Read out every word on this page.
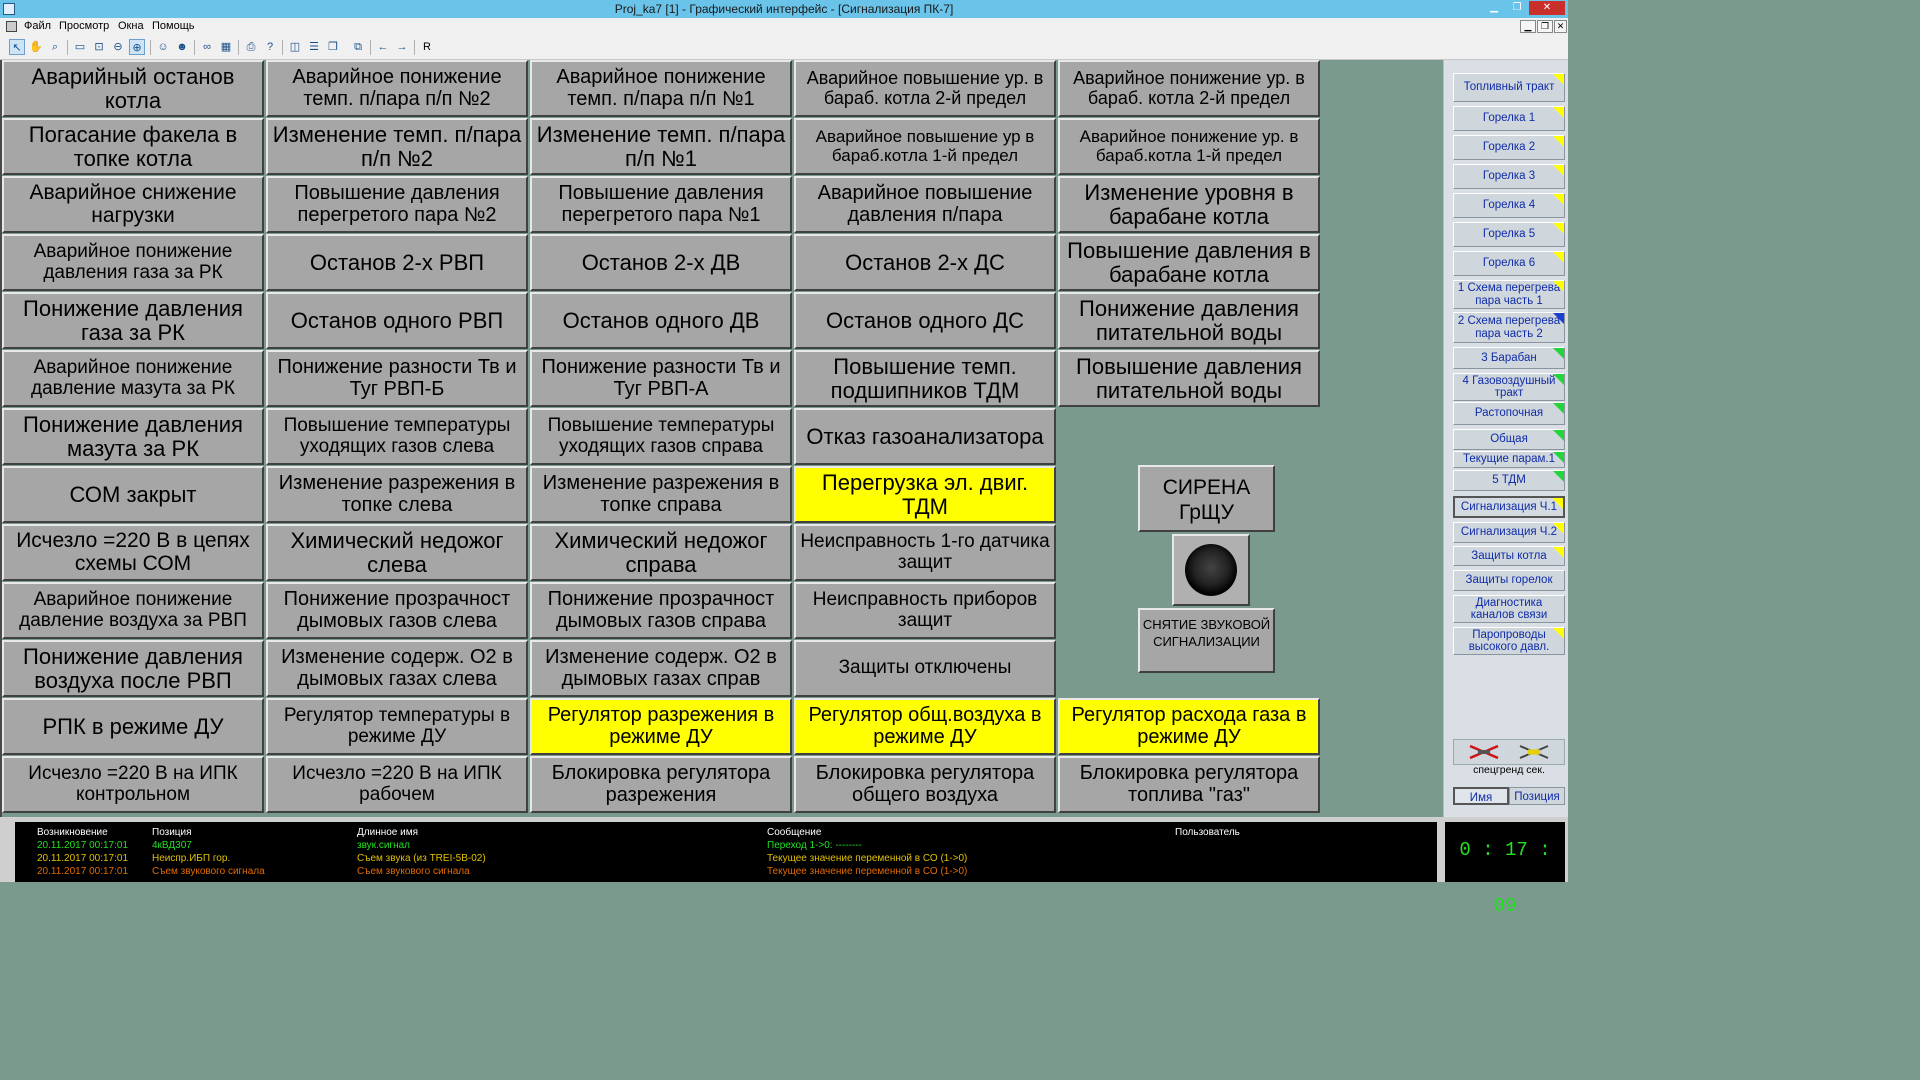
Proj_ka7 [1] - Графический интерфейс - [Сигнализация ПК-7]	▁	❐	✕
Файл Просмотр Окна Помощь	▁	❐ ✕
↖ ✋ ⌕	▭ ⊡ ⊖ ⊕	☺ ☻	∞ ▦	⎙	?	◫ ☰ ❐	⧉	← →	R
Аварийный останов котла
Аварийное понижение темп. п/пара п/п №2
Аварийное понижение темп. п/пара п/п №1
Аварийное повышение ур. в бараб. котла 2-й предел
Аварийное понижение ур. в бараб. котла 2-й предел
Погасание факела в топке котла
Изменение темп. п/пара п/п №2
Изменение темп. п/пара п/п №1
Аварийное повышение ур в бараб.котла 1-й предел
Аварийное понижение ур. в бараб.котла 1-й предел
Аварийное снижение нагрузки
Повышение давления перегретого пара №2
Повышение давления перегретого пара №1
Аварийное повышение давления п/пара
Изменение уровня в барабане котла
Аварийное понижение давления газа за РК	Останов 2-х РВП	Останов 2-х ДВ	Останов 2-х ДС	Повышение давления в барабане котла
Понижение давления газа за РК	Останов одного РВП	Останов одного ДВ	Останов одного ДС	Понижение давления питательной воды
Аварийное понижение давление мазута за РК
Понижение разности Тв и Туг РВП-Б
Понижение разности Тв и Туг РВП-А
Повышение темп. подшипников ТДМ
Повышение давления питательной воды
Понижение давления мазута за РК
Повышение температуры уходящих газов слева
Повышение температуры уходящих газов справа	Отказ газоанализатора
СОМ закрыт	Изменение разрежения в топке слева
Изменение разрежения в топке справа
Перегрузка эл. двиг. ТДМ
Исчезло =220 В в цепях схемы СОМ
Химический недожог слева
Химический недожог справа
Неисправность 1-го датчика защит
Аварийное понижение давление воздуха за РВП
Понижение прозрачност дымовых газов слева
Понижение прозрачност дымовых газов справа
Неисправность приборов защит
Понижение давления воздуха после РВП
Изменение содерж. О2 в дымовых газах слева
Изменение содерж. О2 в дымовых газах справ	Защиты отключены
РПК в режиме ДУ	Регулятор температуры в режиме ДУ
Регулятор разрежения в режиме ДУ
Регулятор общ.воздуха в режиме ДУ
Регулятор расхода газа в режиме ДУ
Исчезло =220 В на ИПК контрольном
Исчезло =220 В на ИПК рабочем
Блокировка регулятора разрежения
Блокировка регулятора общего воздуха
Блокировка регулятора топлива "газ"
СИРЕНА ГрЩУ
СНЯТИЕ ЗВУКОВОЙ СИГНАЛИЗАЦИИ
спецгренд сек.
Имя	Позиция
Топливный тракт
Горелка 1
Горелка 2
Горелка 3
Горелка 4
Горелка 5
Горелка 6
1 Схема перегрева пара часть 1
2 Схема перегрева пара часть 2
3 Барабан
4 Газовоздушный тракт
Растопочная
Общая
Текущие парам.1
5 ТДМ
Сигнализация Ч.1
Сигнализация Ч.2
Защиты котла
Защиты горелок
Диагностика каналов связи
Паропроводы высокого давл.
Возникновение	Позиция	Длинное имя	Сообщение	Пользователь
20.11.2017 00:17:01 4кВД307	звук.сигнал	Переход 1->0: --------
20.11.2017 00:17:01 Неиспр.ИБП гор.	Съем звука (из TREI-5B-02)	Текущее значение переменной в СО (1->0)
20.11.2017 00:17:01 Съем звукового сигнала	Съем звукового сигнала	Текущее значение переменной в СО (1->0)
0 : 17 : 09
